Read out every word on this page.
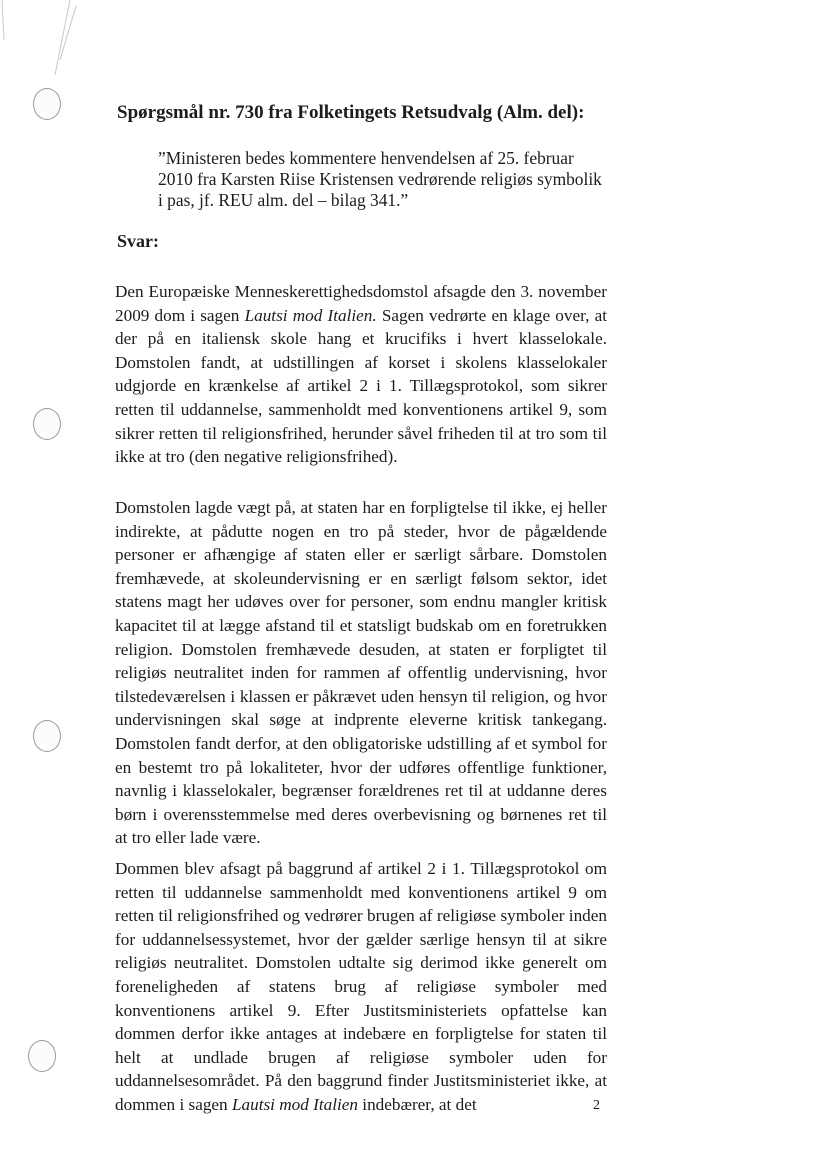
Spørgsmål nr. 730 fra Folketingets Retsudvalg (Alm. del):

”Ministeren bedes kommentere henvendelsen af 25. februar 2010 fra Karsten Riise Kristensen vedrørende religiøs symbolik i pas, jf. REU alm. del – bilag 341.”

Svar:

Den Europæiske Menneskerettighedsdomstol afsagde den 3. november 2009 dom i sagen Lautsi mod Italien. Sagen vedrørte en klage over, at der på en italiensk skole hang et krucifiks i hvert klasselokale. Domstolen fandt, at udstillingen af korset i skolens klasselokaler udgjorde en krænkelse af artikel 2 i 1. Tillægsprotokol, som sikrer retten til uddannelse, sammenholdt med konventionens artikel 9, som sikrer retten til religionsfrihed, herunder såvel friheden til at tro som til ikke at tro (den negative religionsfrihed).

Domstolen lagde vægt på, at staten har en forpligtelse til ikke, ej heller indirekte, at pådutte nogen en tro på steder, hvor de pågældende personer er afhængige af staten eller er særligt sårbare. Domstolen fremhævede, at skoleundervisning er en særligt følsom sektor, idet statens magt her udøves over for personer, som endnu mangler kritisk kapacitet til at lægge afstand til et statsligt budskab om en foretrukken religion. Domstolen fremhævede desuden, at staten er forpligtet til religiøs neutralitet inden for rammen af offentlig undervisning, hvor tilstedeværelsen i klassen er påkrævet uden hensyn til religion, og hvor undervisningen skal søge at indprente eleverne kritisk tankegang. Domstolen fandt derfor, at den obligatoriske udstilling af et symbol for en bestemt tro på lokaliteter, hvor der udføres offentlige funktioner, navnlig i klasselokaler, begrænser forældrenes ret til at uddanne deres børn i overensstemmelse med deres overbevisning og børnenes ret til at tro eller lade være.

Dommen blev afsagt på baggrund af artikel 2 i 1. Tillægsprotokol om retten til uddannelse sammenholdt med konventionens artikel 9 om retten til religionsfrihed og vedrører brugen af religiøse symboler inden for uddannelsessystemet, hvor der gælder særlige hensyn til at sikre religiøs neutralitet. Domstolen udtalte sig derimod ikke generelt om foreneligheden af statens brug af religiøse symboler med konventionens artikel 9. Efter Justitsministeriets opfattelse kan dommen derfor ikke antages at indebære en forpligtelse for staten til helt at undlade brugen af religiøse symboler uden for uddannelsesområdet. På den baggrund finder Justitsministeriet ikke, at dommen i sagen Lautsi mod Italien indebærer, at det	2
